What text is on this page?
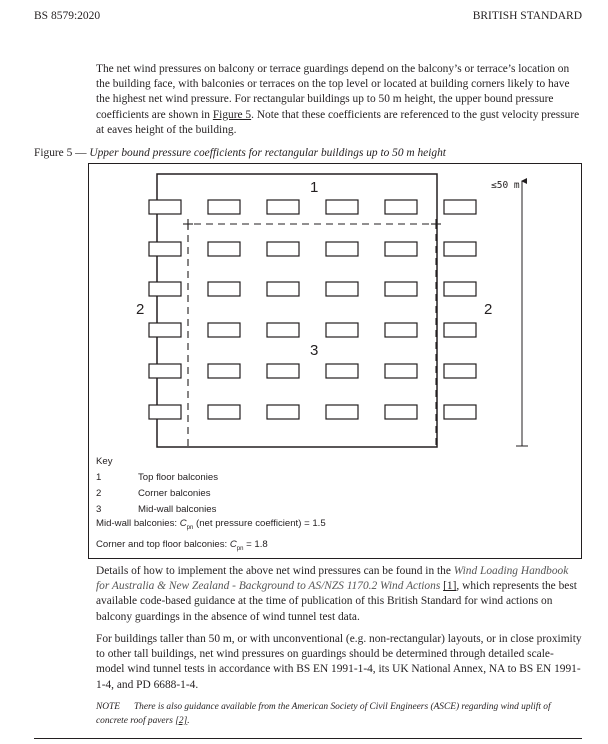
BS 8579:2020	BRITISH STANDARD
The net wind pressures on balcony or terrace guardings depend on the balcony’s or terrace’s location on the building face, with balconies or terraces on the top level or located at building corners likely to have the highest net wind pressure. For rectangular buildings up to 50 m height, the upper bound pressure coefficients are shown in Figure 5. Note that these coefficients are referenced to the gust velocity pressure at eaves height of the building.
Figure 5 — Upper bound pressure coefficients for rectangular buildings up to 50 m height
1
2	2
3
≤50 m
Key
1	Top floor balconies
2	Corner balconies
3	Mid-wall balconies
Mid-wall balconies: $C_{pn}$ (net pressure coefficient) = 1.5
Corner and top floor balconies: $C_{pn} = 1.8$
Details of how to implement the above net wind pressures can be found in the Wind Loading Handbook for Australia & New Zealand - Background to AS/NZS 1170.2 Wind Actions [1], which represents the best available code-based guidance at the time of publication of this British Standard for wind actions on balcony guardings in the absence of wind tunnel test data.
For buildings taller than 50 m, or with unconventional (e.g. non-rectangular) layouts, or in close proximity to other tall buildings, net wind pressures on guardings should be determined through detailed scale-model wind tunnel tests in accordance with BS EN 1991-1-4, its UK National Annex, NA to BS EN 1991-1-4, and PD 6688-1-4.
NOTE There is also guidance available from the American Society of Civil Engineers (ASCE) regarding wind uplift of concrete roof pavers [2].
